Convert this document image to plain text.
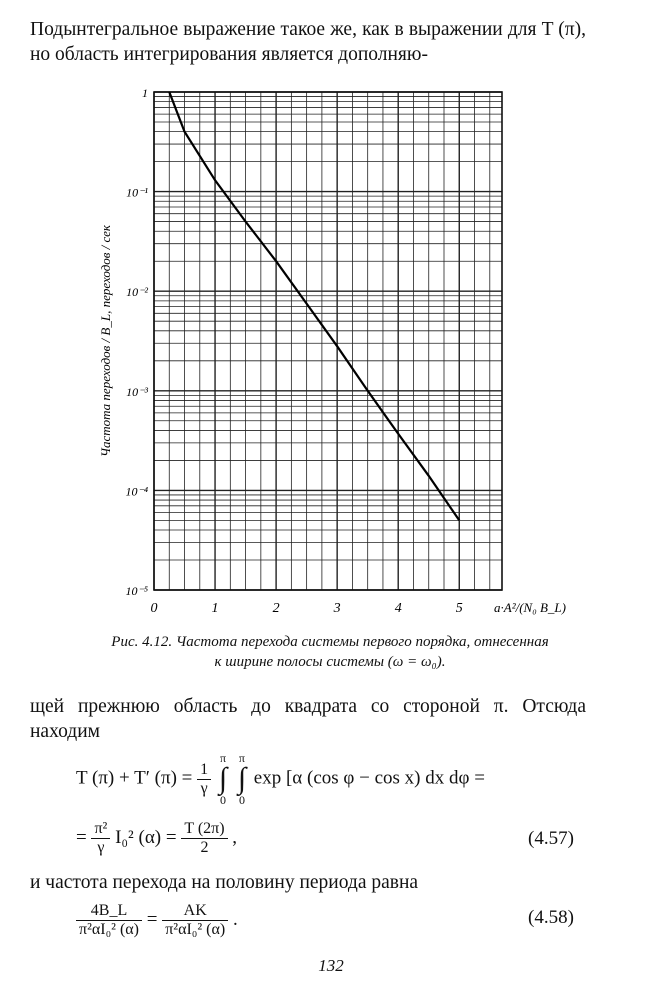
Подынтегральное выражение такое же, как в выражении для T (π), но область интегрирования является дополняю-
0	1	2	3	4	5
1
10⁻¹
10⁻²
10⁻³
10⁻⁴
10⁻⁵
a·A²/(N₀ B_L)
Частота переходов / B_L, переходов / сек
Рис. 4.12. Частота перехода системы первого порядка, отнесенная
к ширине полосы системы (ω = ω₀).
щей прежнюю область до квадрата со стороной π. Отсюда находим
T (π) + T′ $(\pi) = \frac{1}{\gamma}$
π
∫
0 π
∫
0 exp [α (cos φ − cos x) dx dφ =
= $\frac{\text{π²}}{\gamma} I_0^2$ $(\alpha) = \frac{T (2\pi)}{2}$ ,	(4.57)
и частота перехода на половину периода равна
$\frac{4B\_L}{\text{π²αI₀² (α)}} = \frac{AK}{\text{π²αI₀² (α)}}$ .	(4.58)
132
